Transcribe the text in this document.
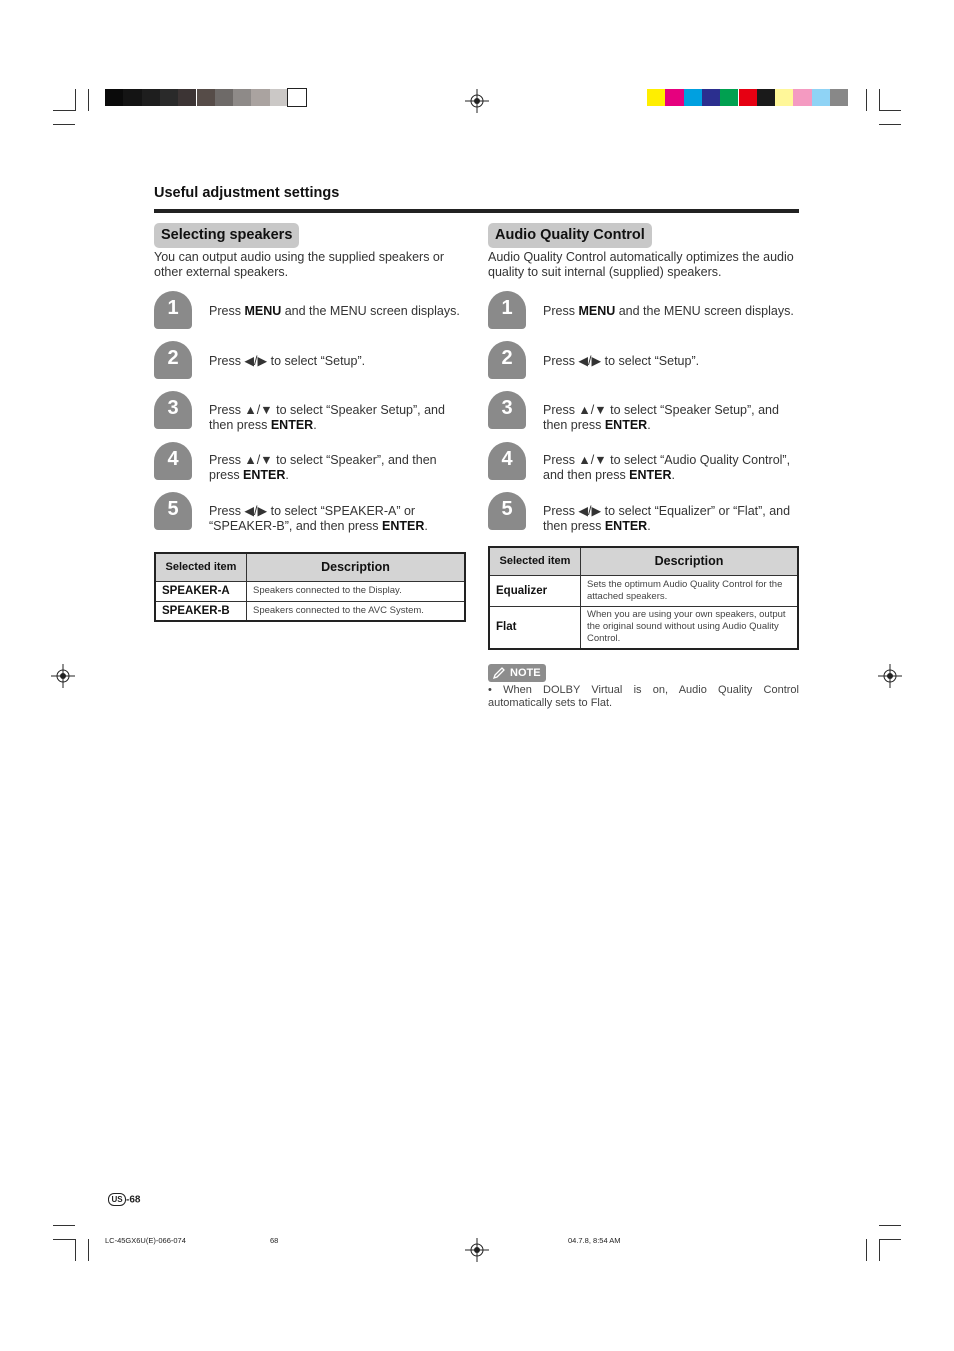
Useful adjustment settings
Selecting speakers
You can output audio using the supplied speakers or other external speakers.
1	Press MENU and the MENU screen displays.
2	Press ◀/▶ to select “Setup”.
3	Press ▲/▼ to select “Speaker Setup”, and then press ENTER.
4	Press ▲/▼ to select “Speaker”, and then press ENTER.
5	Press ◀/▶ to select “SPEAKER-A” or “SPEAKER-B”, and then press ENTER.
Selected item	Description
SPEAKER-A	Speakers connected to the Display.
SPEAKER-B	Speakers connected to the AVC System.
Audio Quality Control
Audio Quality Control automatically optimizes the audio quality to suit internal (supplied) speakers.
1	Press MENU and the MENU screen displays.
2	Press ◀/▶ to select “Setup”.
3	Press ▲/▼ to select “Speaker Setup”, and then press ENTER.
4	Press ▲/▼ to select “Audio Quality Control”, and then press ENTER.
5	Press ◀/▶ to select “Equalizer” or “Flat”, and then press ENTER.
Selected item	Description
Equalizer	Sets the optimum Audio Quality Control for the attached speakers.
Flat	When you are using your own speakers, output the original sound without using Audio Quality Control.
NOTE
• When DOLBY Virtual is on, Audio Quality Control automatically sets to Flat.
US -68
LC-45GX6U(E)-066-074	68	04.7.8, 8:54 AM
